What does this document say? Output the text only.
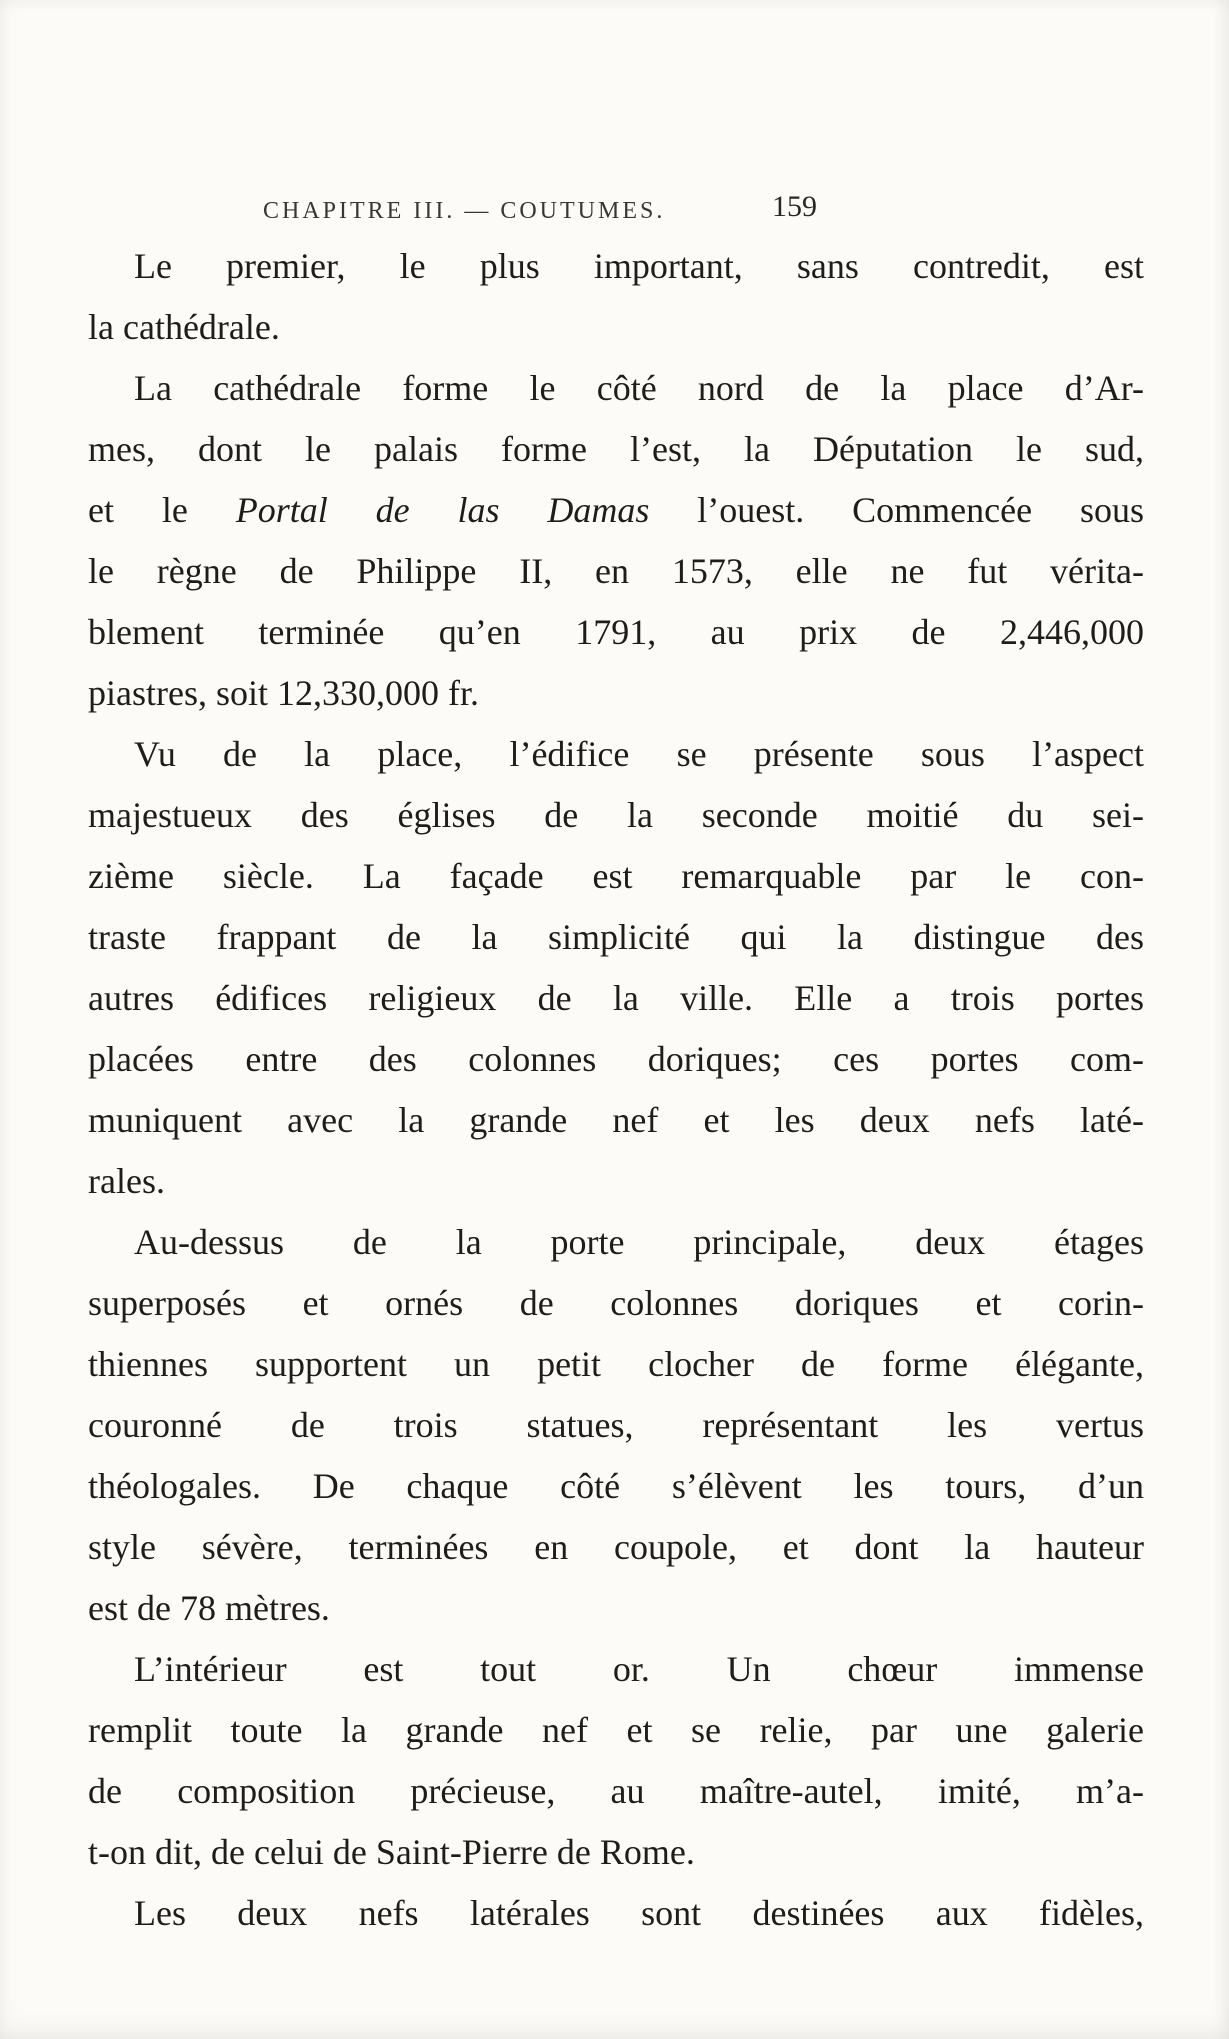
CHAPITRE III. — COUTUMES.	159
Le premier, le plus important, sans contredit, est
la cathédrale.
La cathédrale forme le côté nord de la place d’Ar-
mes, dont le palais forme l’est, la Députation le sud,
et le Portal de las Damas l’ouest. Commencée sous
le règne de Philippe II, en 1573, elle ne fut vérita-
blement terminée qu’en 1791, au prix de 2,446,000
piastres, soit 12,330,000 fr.
Vu de la place, l’édifice se présente sous l’aspect
majestueux des églises de la seconde moitié du sei-
zième siècle. La façade est remarquable par le con-
traste frappant de la simplicité qui la distingue des
autres édifices religieux de la ville. Elle a trois portes
placées entre des colonnes doriques; ces portes com-
muniquent avec la grande nef et les deux nefs laté-
rales.
Au-dessus de la porte principale, deux étages
superposés et ornés de colonnes doriques et corin-
thiennes supportent un petit clocher de forme élégante,
couronné de trois statues, représentant les vertus
théologales. De chaque côté s’élèvent les tours, d’un
style sévère, terminées en coupole, et dont la hauteur
est de 78 mètres.
L’intérieur est tout or. Un chœur immense
remplit toute la grande nef et se relie, par une galerie
de composition précieuse, au maître-autel, imité, m’a-
t-on dit, de celui de Saint-Pierre de Rome.
Les deux nefs latérales sont destinées aux fidèles,
